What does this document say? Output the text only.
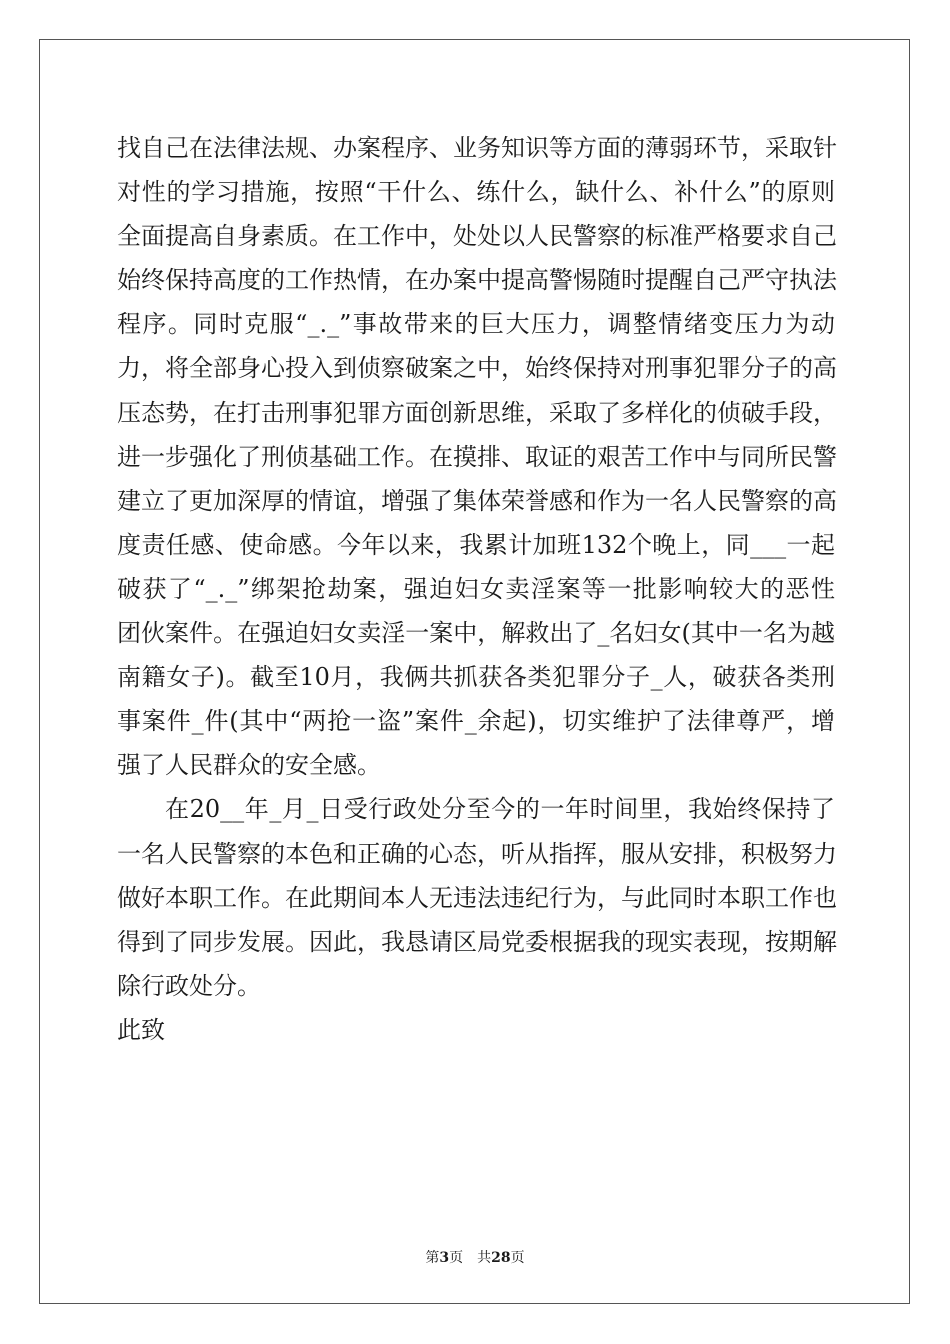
找自己在法律法规、办案程序、业务知识等方面的薄弱环节，采取针
对性的学习措施，按照“干什么、练什么，缺什么、补什么”的原则
全面提高自身素质。在工作中，处处以人民警察的标准严格要求自己
始终保持高度的工作热情，在办案中提高警惕随时提醒自己严守执法
程序。同时克服“_._”事故带来的巨大压力，调整情绪变压力为动
力，将全部身心投入到侦察破案之中，始终保持对刑事犯罪分子的高
压态势，在打击刑事犯罪方面创新思维，采取了多样化的侦破手段，
进一步强化了刑侦基础工作。在摸排、取证的艰苦工作中与同所民警
建立了更加深厚的情谊，增强了集体荣誉感和作为一名人民警察的高
度责任感、使命感。今年以来，我累计加班132个晚上，同___一起
破获了“_._”绑架抢劫案，强迫妇女卖淫案等一批影响较大的恶性
团伙案件。在强迫妇女卖淫一案中，解救出了_名妇女(其中一名为越
南籍女子)。截至10月，我俩共抓获各类犯罪分子_人，破获各类刑
事案件_件(其中“两抢一盗”案件_余起)，切实维护了法律尊严，增
强了人民群众的安全感。
在20__年_月_日受行政处分至今的一年时间里，我始终保持了
一名人民警察的本色和正确的心态，听从指挥，服从安排，积极努力
做好本职工作。在此期间本人无违法违纪行为，与此同时本职工作也
得到了同步发展。因此，我恳请区局党委根据我的现实表现，按期解
除行政处分。
此致
第3页　共28页
